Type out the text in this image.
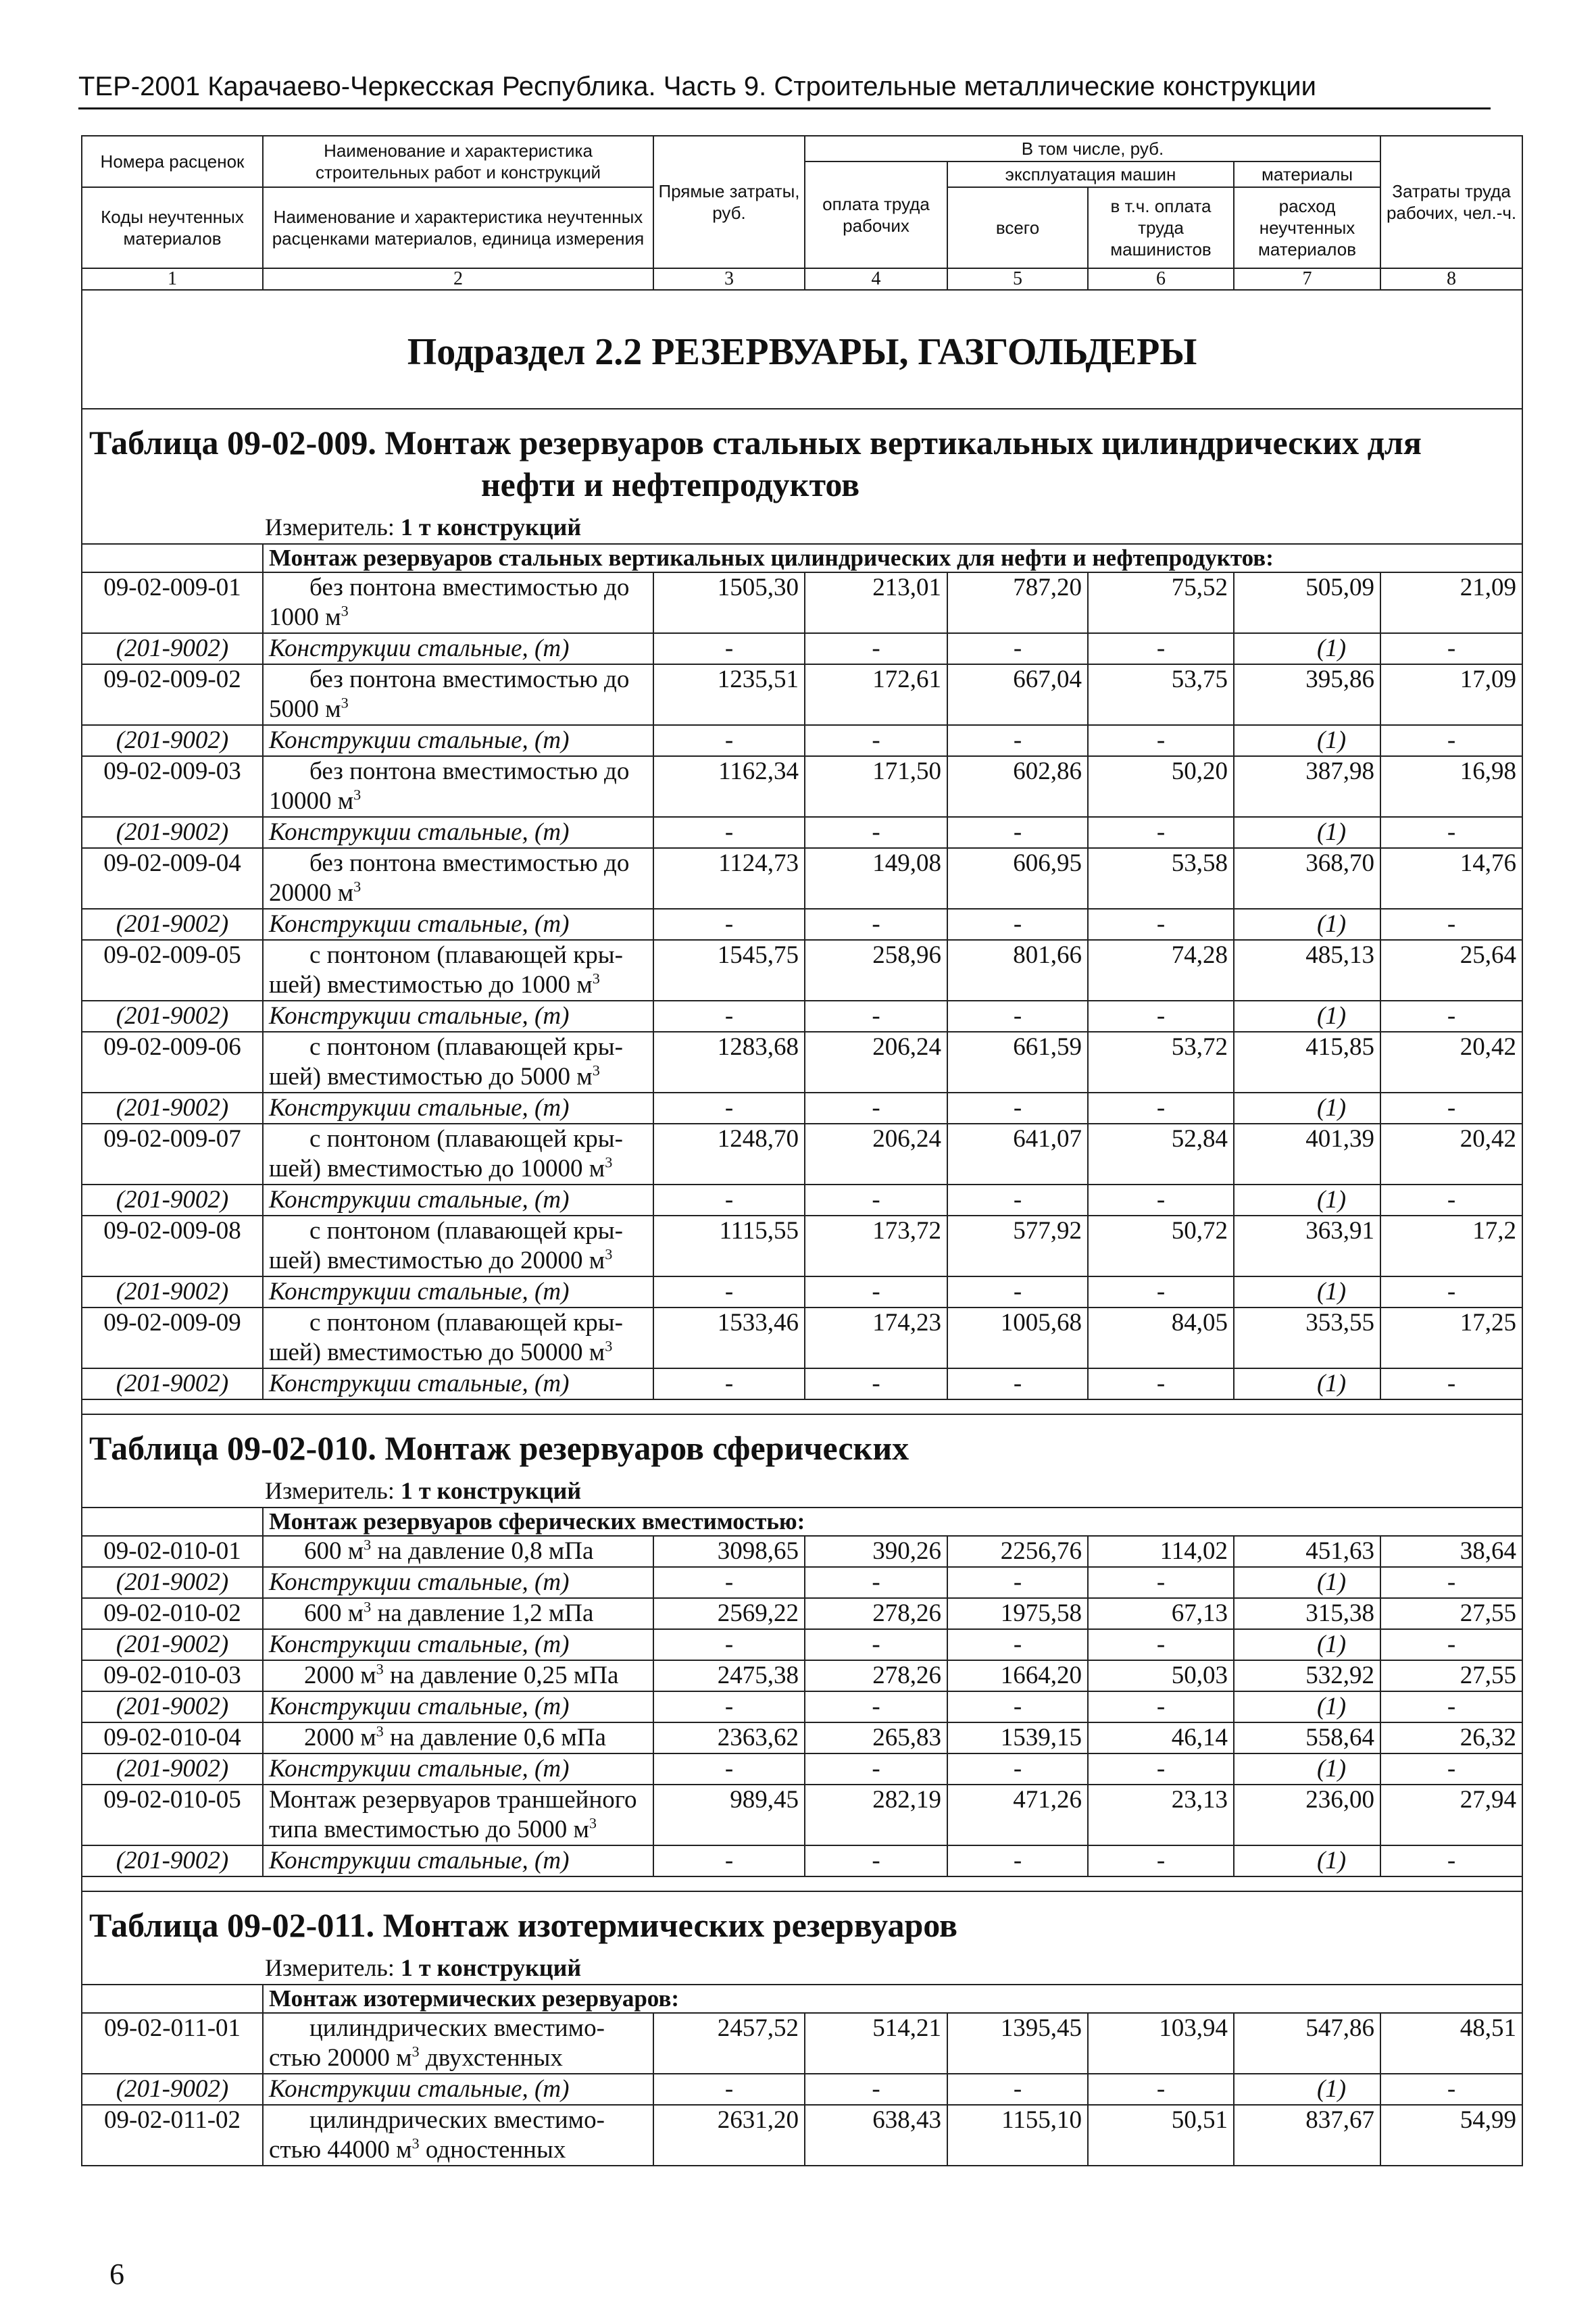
ТЕР-2001 Карачаево-Черкесская Республика. Часть 9. Строительные металлические конструкции
Номера расценок	Наименование и характеристика строительных работ и конструкций	Прямые затраты, руб.	В том числе, руб.				Затраты труда рабочих, чел.-ч.
			оплата труда рабочих	эксплуатация машин		материалы	
Коды неучтенных материалов	Наименование и характеристика неучтенных расценками материалов, единица измерения			всего	в т.ч. оплата труда машинистов	расход неучтенных материалов	

1	2	3	4	5	6	7	8
Подраздел 2.2 РЕЗЕРВУАРЫ, ГАЗГОЛЬДЕРЫ							
Таблица 09-02-009. Монтаж резервуаров стальных вертикальных цилиндрических для
нефти и нефтепродуктов							

Измеритель: 1 т конструкций							
	Монтаж резервуаров стальных вертикальных цилиндрических для нефти и нефтепродуктов:						
09-02-009-01	без понтона вместимостью до
1000 $м^3$	1505,30	213,01	787,20	75,52	505,09	21,09
(201-9002)	Конструкции стальные, (т)	-	-	-	-	(1)	-
09-02-009-02	без понтона вместимостью до
5000 $м^3$	1235,51	172,61	667,04	53,75	395,86	17,09
(201-9002)	Конструкции стальные, (т)	-	-	-	-	(1)	-
09-02-009-03	без понтона вместимостью до
10000 $м^3$	1162,34	171,50	602,86	50,20	387,98	16,98
(201-9002)	Конструкции стальные, (т)	-	-	-	-	(1)	-
09-02-009-04	без понтона вместимостью до
20000 $м^3$	1124,73	149,08	606,95	53,58	368,70	14,76
(201-9002)	Конструкции стальные, (т)	-	-	-	-	(1)	-
09-02-009-05	с понтоном (плавающей кры-
шей) вместимостью до 1000 $м^3$	1545,75	258,96	801,66	74,28	485,13	25,64
(201-9002)	Конструкции стальные, (т)	-	-	-	-	(1)	-
09-02-009-06	с понтоном (плавающей кры-
шей) вместимостью до 5000 $м^3$	1283,68	206,24	661,59	53,72	415,85	20,42
(201-9002)	Конструкции стальные, (т)	-	-	-	-	(1)	-
09-02-009-07	с понтоном (плавающей кры-
шей) вместимостью до 10000 $м^3$	1248,70	206,24	641,07	52,84	401,39	20,42
(201-9002)	Конструкции стальные, (т)	-	-	-	-	(1)	-
09-02-009-08	с понтоном (плавающей кры-
шей) вместимостью до 20000 $м^3$	1115,55	173,72	577,92	50,72	363,91	17,2
(201-9002)	Конструкции стальные, (т)	-	-	-	-	(1)	-
09-02-009-09	с понтоном (плавающей кры-
шей) вместимостью до 50000 $м^3$	1533,46	174,23	1005,68	84,05	353,55	17,25
(201-9002)	Конструкции стальные, (т)	-	-	-	-	(1)	-

Таблица 09-02-010. Монтаж резервуаров сферических							
Измеритель: 1 т конструкций							
	Монтаж резервуаров сферических вместимостью:						
09-02-010-01	600 $м^3$ на давление 0,8 мПа	3098,65	390,26	2256,76	114,02	451,63	38,64
(201-9002)	Конструкции стальные, (т)	-	-	-	-	(1)	-
09-02-010-02	600 $м^3$ на давление 1,2 мПа	2569,22	278,26	1975,58	67,13	315,38	27,55
(201-9002)	Конструкции стальные, (т)	-	-	-	-	(1)	-
09-02-010-03	2000 $м^3$ на давление 0,25 мПа	2475,38	278,26	1664,20	50,03	532,92	27,55
(201-9002)	Конструкции стальные, (т)	-	-	-	-	(1)	-
09-02-010-04	2000 $м^3$ на давление 0,6 мПа	2363,62	265,83	1539,15	46,14	558,64	26,32
(201-9002)	Конструкции стальные, (т)	-	-	-	-	(1)	-
09-02-010-05	Монтаж резервуаров траншейного
типа вместимостью до 5000 $м^3$	989,45	282,19	471,26	23,13	236,00	27,94
(201-9002)	Конструкции стальные, (т)	-	-	-	-	(1)	-

Таблица 09-02-011. Монтаж изотермических резервуаров							
Измеритель: 1 т конструкций							
	Монтаж изотермических резервуаров:						
09-02-011-01	цилиндрических вместимо-
стью 20000 $м^3$ двухстенных	2457,52	514,21	1395,45	103,94	547,86	48,51
(201-9002)	Конструкции стальные, (т)	-	-	-	-	(1)	-
09-02-011-02	цилиндрических вместимо-
стью 44000 $м^3$ одностенных	2631,20	638,43	1155,10	50,51	837,67	54,99
6
